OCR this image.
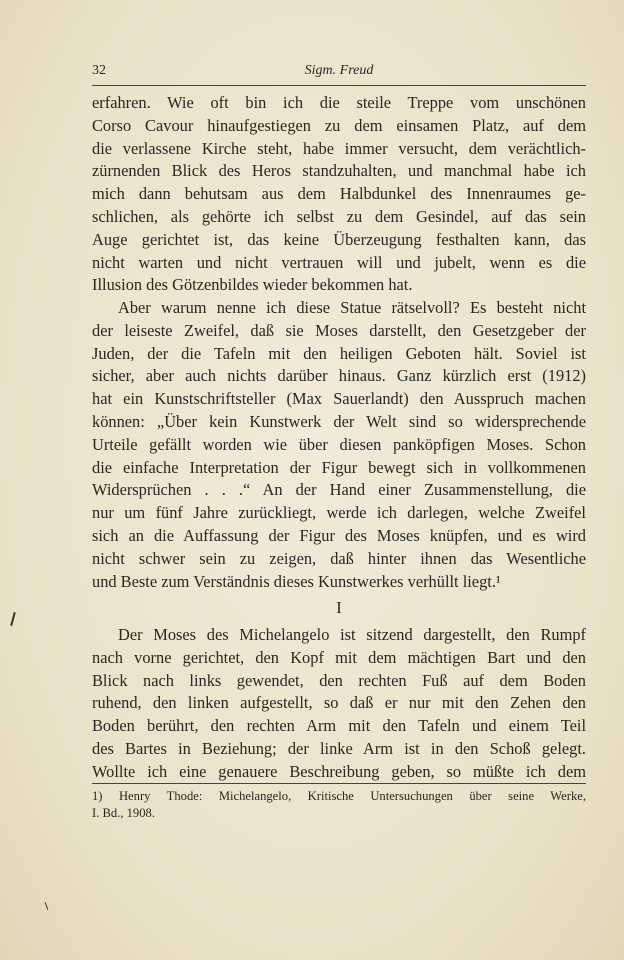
32	Sigm. Freud
erfahren. Wie oft bin ich die steile Treppe vom unschönen
Corso Cavour hinaufgestiegen zu dem einsamen Platz, auf dem
die verlassene Kirche steht, habe immer versucht, dem verächtlich-
zürnenden Blick des Heros standzuhalten, und manchmal habe ich
mich dann behutsam aus dem Halbdunkel des Innenraumes ge-
schlichen, als gehörte ich selbst zu dem Gesindel, auf das sein
Auge gerichtet ist, das keine Überzeugung festhalten kann, das
nicht warten und nicht vertrauen will und jubelt, wenn es die
Illusion des Götzenbildes wieder bekommen hat.
Aber warum nenne ich diese Statue rätselvoll? Es besteht nicht
der leiseste Zweifel, daß sie Moses darstellt, den Gesetzgeber der
Juden, der die Tafeln mit den heiligen Geboten hält. Soviel ist
sicher, aber auch nichts darüber hinaus. Ganz kürzlich erst (1912)
hat ein Kunstschriftsteller (Max Sauerlandt) den Ausspruch machen
können: „Über kein Kunstwerk der Welt sind so widersprechende
Urteile gefällt worden wie über diesen panköpfigen Moses. Schon
die einfache Interpretation der Figur bewegt sich in vollkommenen
Widersprüchen . . .“ An der Hand einer Zusammenstellung, die
nur um fünf Jahre zurückliegt, werde ich darlegen, welche Zweifel
sich an die Auffassung der Figur des Moses knüpfen, und es wird
nicht schwer sein zu zeigen, daß hinter ihnen das Wesentliche
und Beste zum Verständnis dieses Kunstwerkes verhüllt liegt.¹
I
Der Moses des Michelangelo ist sitzend dargestellt, den Rumpf
nach vorne gerichtet, den Kopf mit dem mächtigen Bart und den
Blick nach links gewendet, den rechten Fuß auf dem Boden
ruhend, den linken aufgestellt, so daß er nur mit den Zehen den
Boden berührt, den rechten Arm mit den Tafeln und einem Teil
des Bartes in Beziehung; der linke Arm ist in den Schoß gelegt.
Wollte ich eine genauere Beschreibung geben, so müßte ich dem
1) Henry Thode: Michelangelo, Kritische Untersuchungen über seine Werke,
I. Bd., 1908.
